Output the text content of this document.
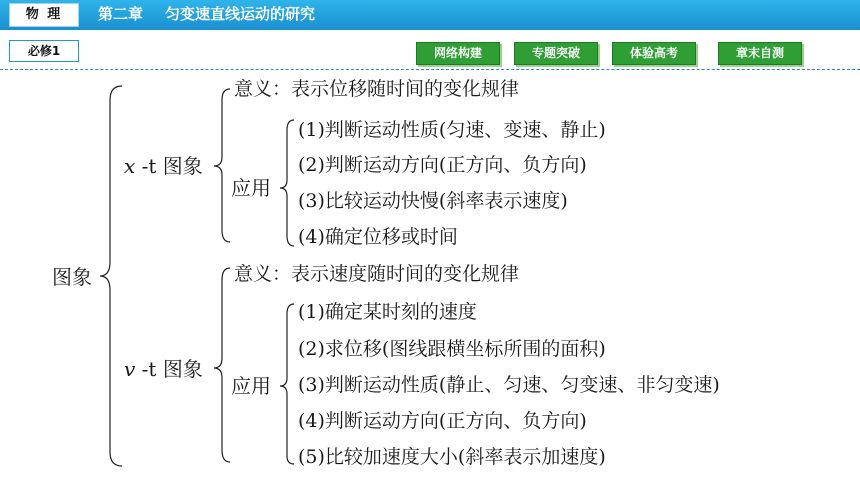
物 理	第二章 匀变速直线运动的研究
必修1	网络构建	专题突破	体验高考	章末自测
图象
x -t 图象
意义：表示位移随时间的变化规律
应用
(1)判断运动性质(匀速、变速、静止)
(2)判断运动方向(正方向、负方向)
(3)比较运动快慢(斜率表示速度)
(4)确定位移或时间
v -t 图象
意义：表示速度随时间的变化规律
应用
(1)确定某时刻的速度
(2)求位移(图线跟横坐标所围的面积)
(3)判断运动性质(静止、匀速、匀变速、非匀变速)
(4)判断运动方向(正方向、负方向)
(5)比较加速度大小(斜率表示加速度)
